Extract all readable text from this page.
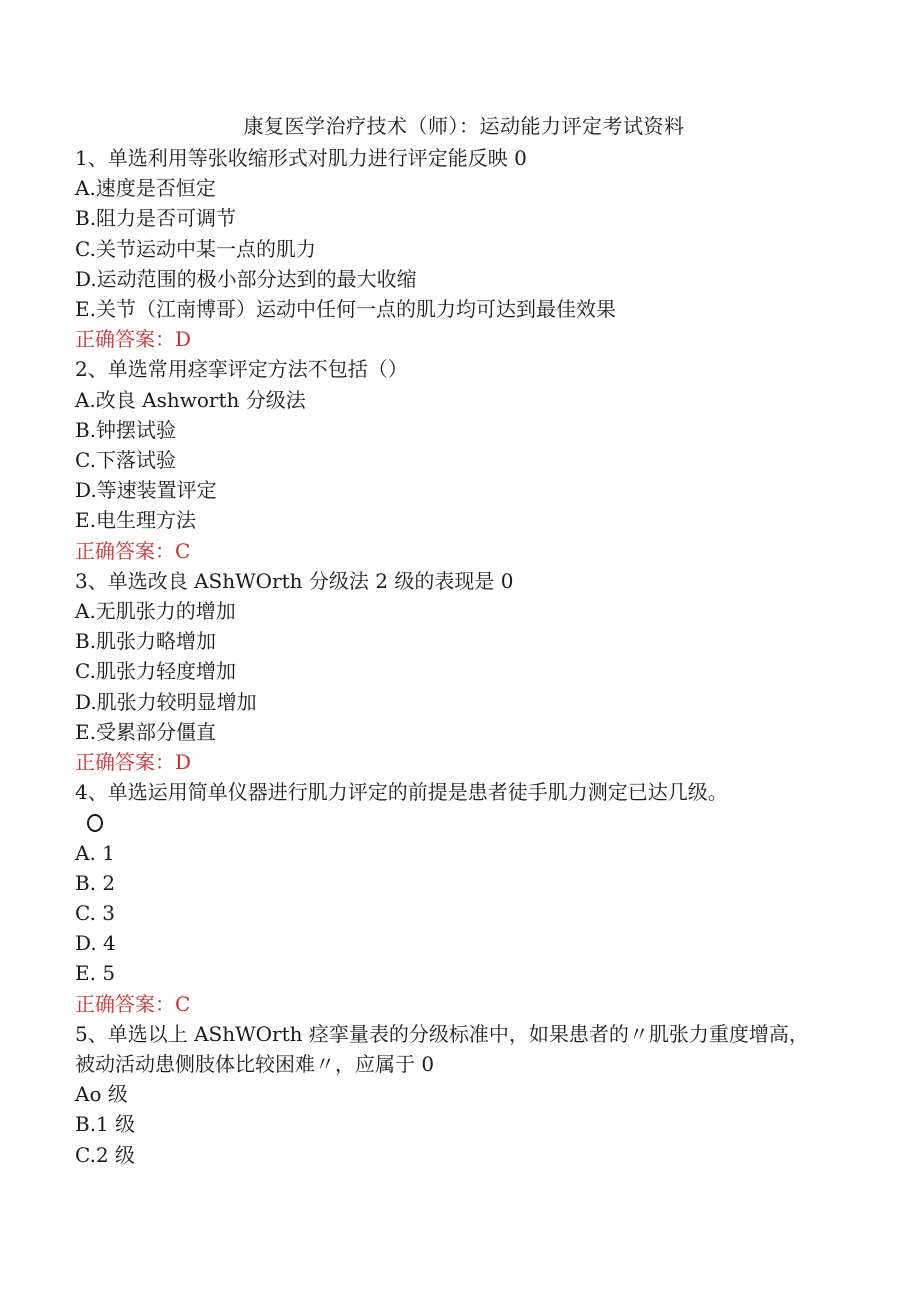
康复医学治疗技术（师）：运动能力评定考试资料
1、单选利用等张收缩形式对肌力进行评定能反映 0
A.速度是否恒定
B.阻力是否可调节
C.关节运动中某一点的肌力
D.运动范围的极小部分达到的最大收缩
E.关节（江南博哥）运动中任何一点的肌力均可达到最佳效果
正确答案：D
2、单选常用痉挛评定方法不包括（）
A.改良 Ashworth 分级法
B.钟摆试验
C.下落试验
D.等速装置评定
E.电生理方法
正确答案：C
3、单选改良 AShWOrth 分级法 2 级的表现是 0
A.无肌张力的增加
B.肌张力略增加
C.肌张力轻度增加
D.肌张力较明显增加
E.受累部分僵直
正确答案：D
4、单选运用简单仪器进行肌力评定的前提是患者徒手肌力测定已达几级。
A. 1
B. 2
C. 3
D. 4
E. 5
正确答案：C
5、单选以上 AShWOrth 痉挛量表的分级标准中，如果患者的〃肌张力重度增高，
被动活动患侧肢体比较困难〃，应属于 0
Ao 级
B.1 级
C.2 级
